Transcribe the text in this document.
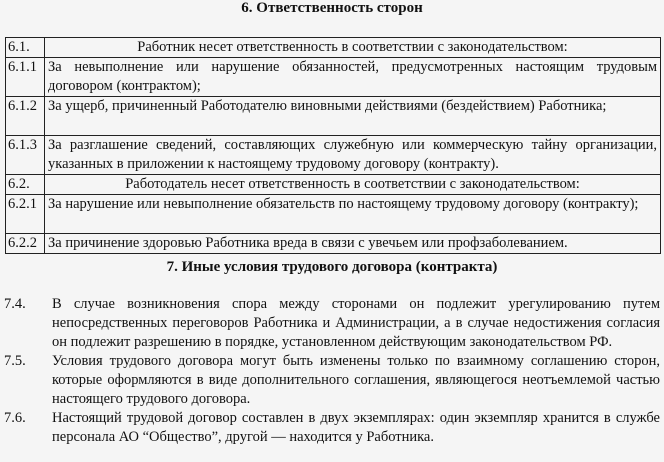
6. Ответственность сторон
6.1.	Работник несет ответственность в соответствии с законодательством:
6.1.1	За невыполнение или нарушение обязанностей, предусмотренных настоящим трудовым договором (контрактом);
6.1.2	За ущерб, причиненный Работодателю виновными действиями (бездействием) Работника;
6.1.3	За разглашение сведений, составляющих служебную или коммерческую тайну организации, указанных в приложении к настоящему трудовому договору (контракту).
6.2.	Работодатель несет ответственность в соответствии с законодательством:
6.2.1	За нарушение или невыполнение обязательств по настоящему трудовому договору (контракту);
6.2.2	За причинение здоровью Работника вреда в связи с увечьем или профзаболеванием.
7. Иные условия трудового договора (контракта)
7.4.	В случае возникновения спора между сторонами он подлежит урегулированию путем непосредственных переговоров Работника и Администрации, а в случае недостижения согласия он подлежит разрешению в порядке, установленном действующим законодательством РФ.
7.5.	Условия трудового договора могут быть изменены только по взаимному соглашению сторон, которые оформляются в виде дополнительного соглашения, являющегося неотъемлемой частью настоящего трудового договора.
7.6.	Настоящий трудовой договор составлен в двух экземплярах: один экземпляр хранится в службе персонала АО “Общество”, другой — находится у Работника.
